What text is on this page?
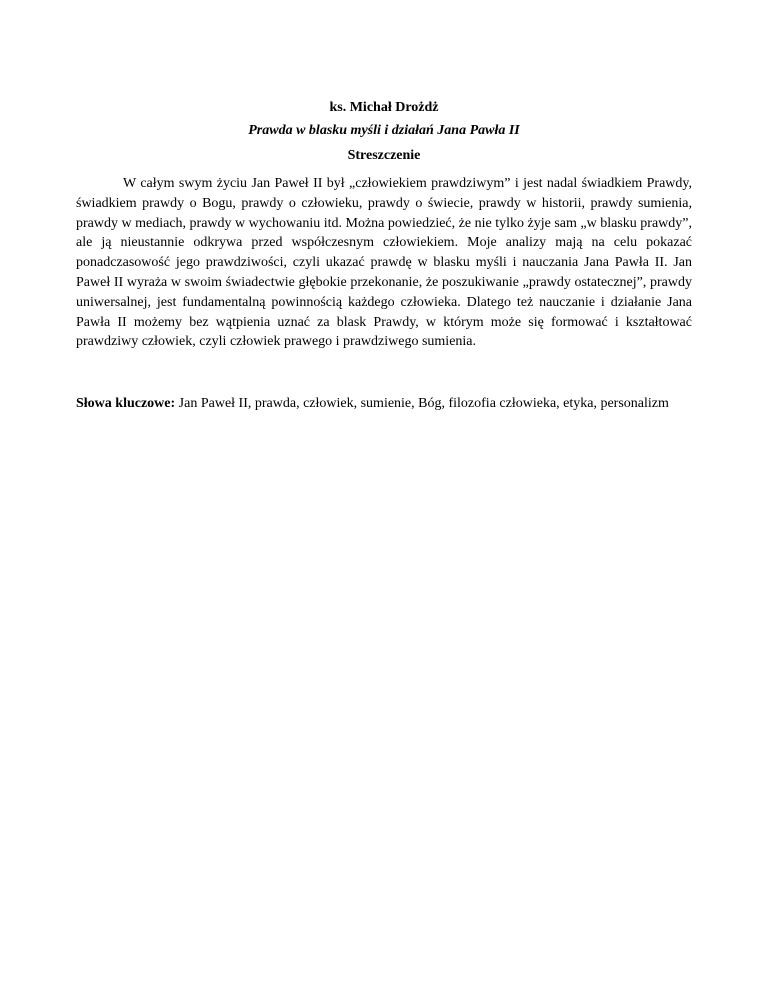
ks. Michał Drożdż
Prawda w blasku myśli i działań Jana Pawła II
Streszczenie

W całym swym życiu Jan Paweł II był „człowiekiem prawdziwym” i jest nadal świadkiem Prawdy, świadkiem prawdy o Bogu, prawdy o człowieku, prawdy o świecie, prawdy w historii, prawdy sumienia, prawdy w mediach, prawdy w wychowaniu itd. Można powiedzieć, że nie tylko żyje sam „w blasku prawdy”, ale ją nieustannie odkrywa przed współczesnym człowiekiem. Moje analizy mają na celu pokazać ponadczasowość jego prawdziwości, czyli ukazać prawdę w blasku myśli i nauczania Jana Pawła II. Jan Paweł II wyraża w swoim świadectwie głębokie przekonanie, że poszukiwanie „prawdy ostatecznej”, prawdy uniwersalnej, jest fundamentalną powinnością każdego człowieka. Dlatego też nauczanie i działanie Jana Pawła II możemy bez wątpienia uznać za blask Prawdy, w którym może się formować i kształtować prawdziwy człowiek, czyli człowiek prawego i prawdziwego sumienia.

Słowa kluczowe: Jan Paweł II, prawda, człowiek, sumienie, Bóg, filozofia człowieka, etyka, personalizm
